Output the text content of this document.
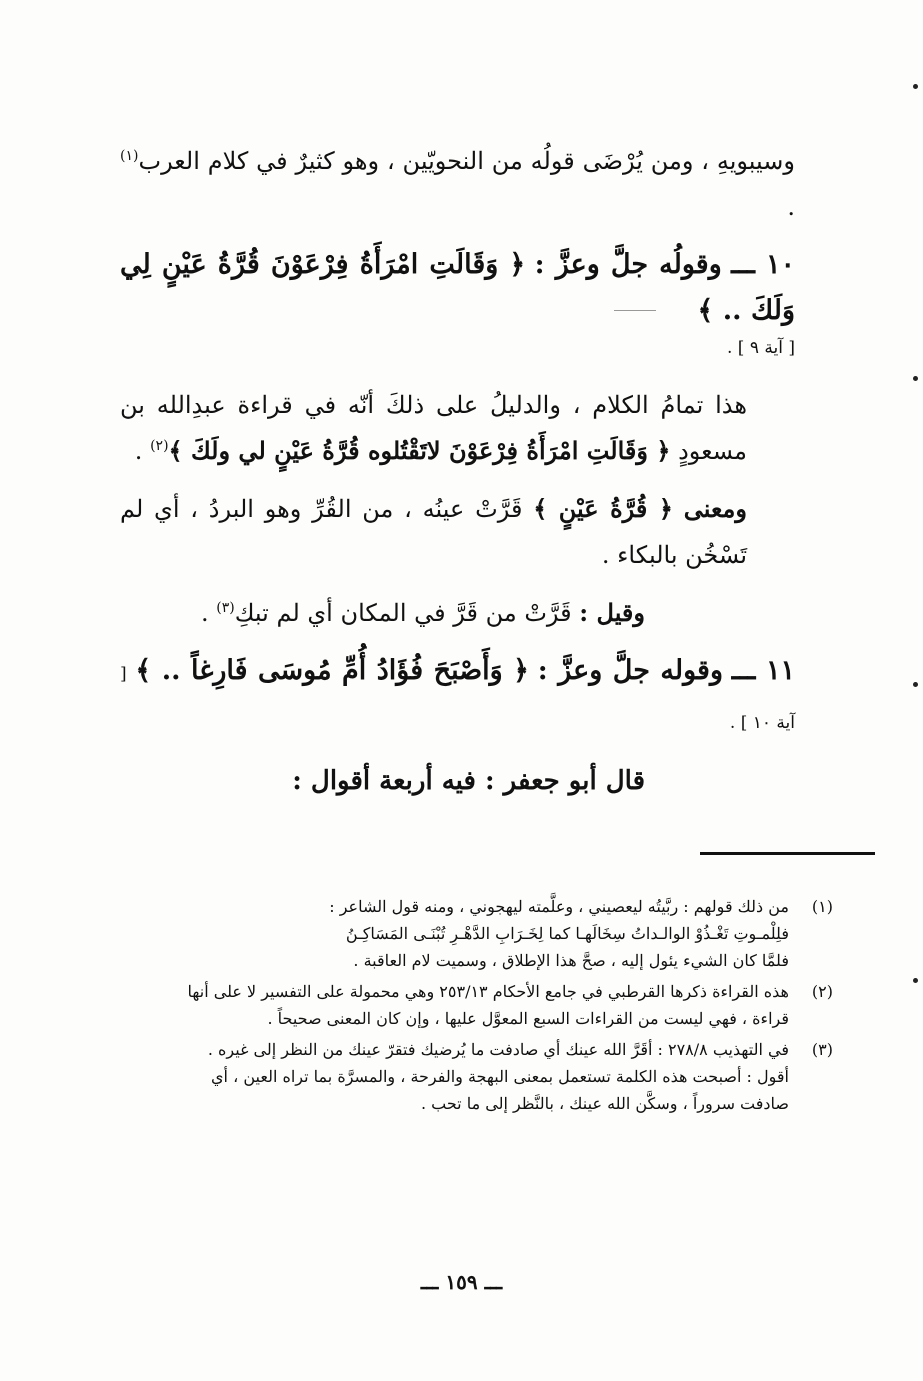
وسيبويهِ ، ومن يُرْضَى قولُه من النحويّين ، وهو كثيرٌ في كلام العرب$^{(١)}$ .

١٠ ـــ وقولُه جلَّ وعزَّ : ﴿ وَقَالَتِ امْرَأَةُ فِرْعَوْنَ قُرَّةُ عَيْنٍ لِي وَلَكَ .. ﴾

[ آية ٩ ] .

هذا تمامُ الكلام ، والدليلُ على ذلكَ أنّه في قراءة عبدِالله بن مسعودٍ ﴿ وَقَالَتِ امْرَأَةُ فِرْعَوْنَ لاتَقْتُلوه قُرَّةُ عَيْنٍ لي ولَكَ ﴾$^{(٢)}$ .

ومعنى ﴿ قُرَّةُ عَيْنٍ ﴾ قَرَّتْ عينُه ، من القُرِّ وهو البردُ ، أي لم تَسْخُن بالبكاء .

وقيل : قَرَّتْ من قَرَّ في المكان أي لم تبكِ$^{(٣)}$ .

١١ ـــ وقوله جلَّ وعزَّ : ﴿ وَأَصْبَحَ فُؤَادُ أُمِّ مُوسَى فَارِغاً .. ﴾ [ آية ١٠ ] .

قال أبو جعفر : فيه أربعة أقوال :

(١)
من ذلك قولهم : ربَّيتُه ليعصيني ، وعلَّمته ليهجوني ، ومنه قول الشاعر :
فلِلْمـوتِ تَغْـذُوْ الوالـداتُ سِخَالَهـا كما لِخَـرَابِ الدَّهْـرِ تُبْنَـى المَسَاكِـنُ
فلمَّا كان الشيء يئول إليه ، صحَّ هذا الإطلاق ، وسميت لام العاقبة .
(٢)
هذه القراءة ذكرها القرطبي في جامع الأحكام ٢٥٣/١٣ وهي محمولة على التفسير لا على أنها
قراءة ، فهي ليست من القراءات السبع المعوَّل عليها ، وإن كان المعنى صحيحاً .
(٣)
في التهذيب ٢٧٨/٨ : أقَرَّ الله عينك أي صادفت ما يُرضيك فتقرّ عينك من النظر إلى غيره .
أقول : أصبحت هذه الكلمة تستعمل بمعنى البهجة والفرحة ، والمسرَّة بما تراه العين ، أي
صادفت سروراً ، وسكَّن الله عينك ، بالنَّظر إلى ما تحب .
ـــ ١٥٩ ـــ
